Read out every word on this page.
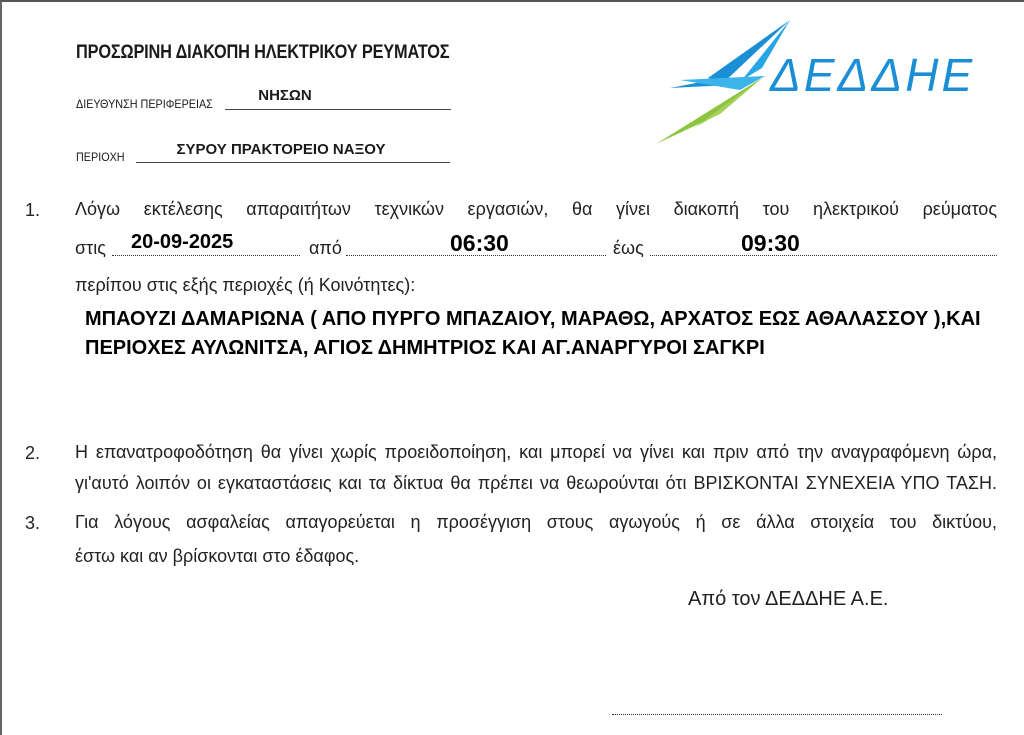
ΠΡΟΣΩΡΙΝΗ ΔΙΑΚΟΠΗ ΗΛΕΚΤΡΙΚΟΥ ΡΕΥΜΑΤΟΣ
ΔΙΕΥΘΥΝΣΗ ΠΕΡΙΦΕΡΕΙΑΣ	ΝΗΣΩΝ
ΠΕΡΙΟΧΗ	ΣΥΡΟΥ ΠΡΑΚΤΟΡΕΙΟ ΝΑΞΟΥ
ΔΕΔΔΗΕ
1. Λόγω εκτέλεσης απαραιτήτων τεχνικών εργασιών, θα γίνει διακοπή του ηλεκτρικού ρεύματος
στις 20-09-2025	από	06:30	έως	09:30
περίπου στις εξής περιοχές (ή Κοινότητες):
ΜΠΑΟΥΖΙ ΔΑΜΑΡΙΩΝΑ ( ΑΠΟ ΠΥΡΓΟ ΜΠΑΖΑΙΟΥ, ΜΑΡΑΘΩ, ΑΡΧΑΤΟΣ ΕΩΣ ΑΘΑΛΑΣΣΟΥ ),ΚΑΙ ΠΕΡΙΟΧΕΣ ΑΥΛΩΝΙΤΣΑ, ΑΓΙΟΣ ΔΗΜΗΤΡΙΟΣ ΚΑΙ ΑΓ.ΑΝΑΡΓΥΡΟΙ ΣΑΓΚΡΙ
2. Η επανατροφοδότηση θα γίνει χωρίς προειδοποίηση, και μπορεί να γίνει και πριν από την αναγραφόμενη ώρα,
γι'αυτό λοιπόν οι εγκαταστάσεις και τα δίκτυα θα πρέπει να θεωρούνται ότι ΒΡΙΣΚΟΝΤΑΙ ΣΥΝΕΧΕΙΑ ΥΠΟ ΤΑΣΗ.
3. Για λόγους ασφαλείας απαγορεύεται η προσέγγιση στους αγωγούς ή σε άλλα στοιχεία του δικτύου,
έστω και αν βρίσκονται στο έδαφος.
Από τον ΔΕΔΔΗΕ Α.Ε.
